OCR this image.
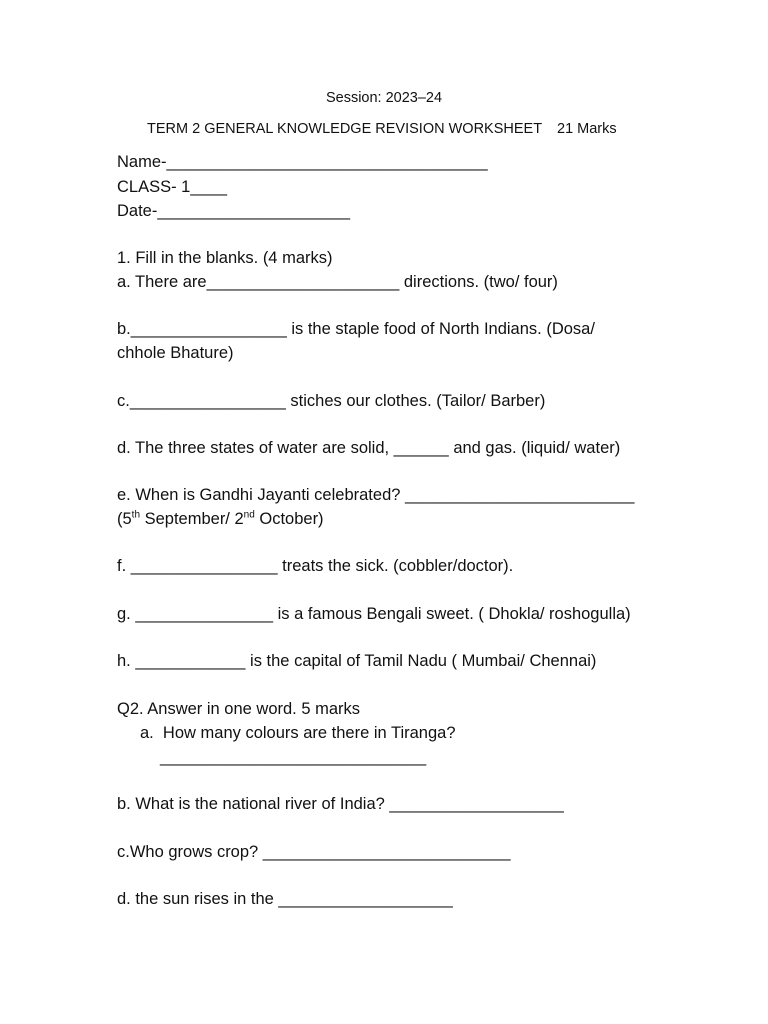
Session: 2023–24
TERM 2 GENERAL KNOWLEDGE REVISION WORKSHEET 21 Marks
Name-___________________________________
CLASS- 1____
Date-_____________________
1. Fill in the blanks. (4 marks)
a. There are_____________________ directions. (two/ four)
b._________________ is the staple food of North Indians. (Dosa/
chhole Bhature)
c._________________ stiches our clothes. (Tailor/ Barber)
d. The three states of water are solid, ______ and gas. (liquid/ water)
e. When is Gandhi Jayanti celebrated? _________________________
(5th September/ 2nd October)
f. ________________ treats the sick. (cobbler/doctor).
g. _______________ is a famous Bengali sweet. ( Dhokla/ roshogulla)
h. ____________ is the capital of Tamil Nadu ( Mumbai/ Chennai)
Q2. Answer in one word. 5 marks
a.  How many colours are there in Tiranga?
_____________________________
b. What is the national river of India? ___________________
c.Who grows crop? ___________________________
d. the sun rises in the ___________________
